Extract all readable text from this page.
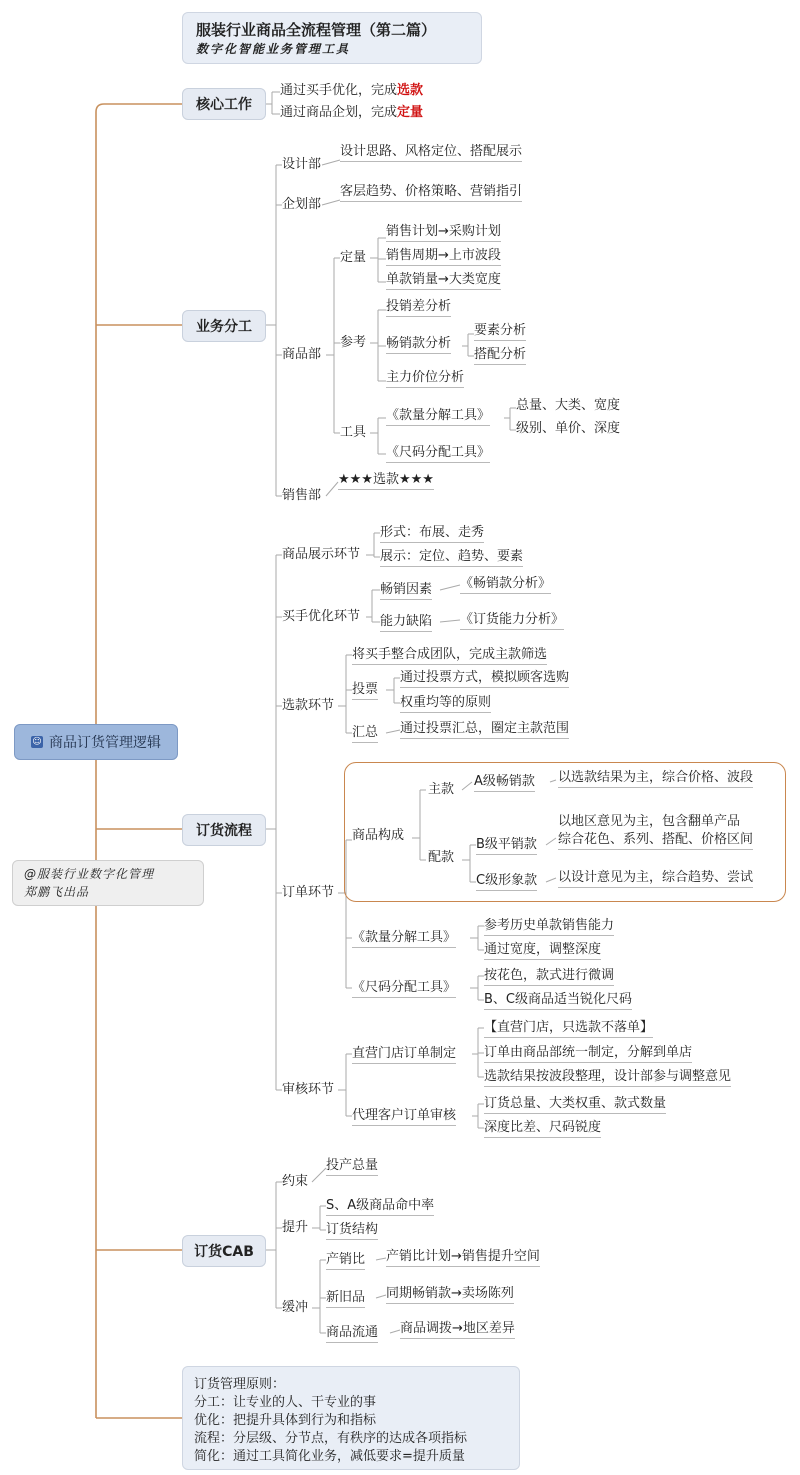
服装行业商品全流程管理（第二篇）
数字化智能业务管理工具
☺ 商品订货管理逻辑
@服装行业数字化管理
郑鹏飞出品
核心工作
通过买手优化，完成选款
通过商品企划，完成定量
业务分工
设计部
设计思路、风格定位、搭配展示
企划部
客层趋势、价格策略、营销指引
商品部
定量
销售计划→采购计划
销售周期→上市波段
单款销量→大类宽度
参考
投销差分析
畅销款分析
要素分析
搭配分析
主力价位分析
工具
《款量分解工具》
总量、大类、宽度
级别、单价、深度
《尺码分配工具》
销售部
★★★选款★★★
订货流程
商品展示环节
形式：布展、走秀
展示：定位、趋势、要素
买手优化环节
畅销因素 《畅销款分析》
能力缺陷 《订货能力分析》
选款环节
将买手整合成团队，完成主款筛选
投票
通过投票方式，模拟顾客选购
权重均等的原则
汇总 通过投票汇总，圈定主款范围
订单环节
商品构成
主款
A级畅销款 以选款结果为主，综合价格、波段
配款
B级平销款
以地区意见为主，包含翻单产品
综合花色、系列、搭配、价格区间
C级形象款 以设计意见为主，综合趋势、尝试
《款量分解工具》
参考历史单款销售能力
通过宽度，调整深度
《尺码分配工具》
按花色，款式进行微调
B、C级商品适当锐化尺码
审核环节
直营门店订单制定
【直营门店，只选款不落单】
订单由商品部统一制定，分解到单店
选款结果按波段整理，设计部参与调整意见
代理客户订单审核
订货总量、大类权重、款式数量
深度比差、尺码锐度
订货CAB
约束
投产总量
提升
S、A级商品命中率
订货结构
缓冲
产销比 产销比计划→销售提升空间
新旧品 同期畅销款→卖场陈列
商品流通 商品调拨→地区差异
订货管理原则：
分工：让专业的人、干专业的事
优化：把提升具体到行为和指标
流程：分层级、分节点，有秩序的达成各项指标
简化：通过工具简化业务，减低要求=提升质量
